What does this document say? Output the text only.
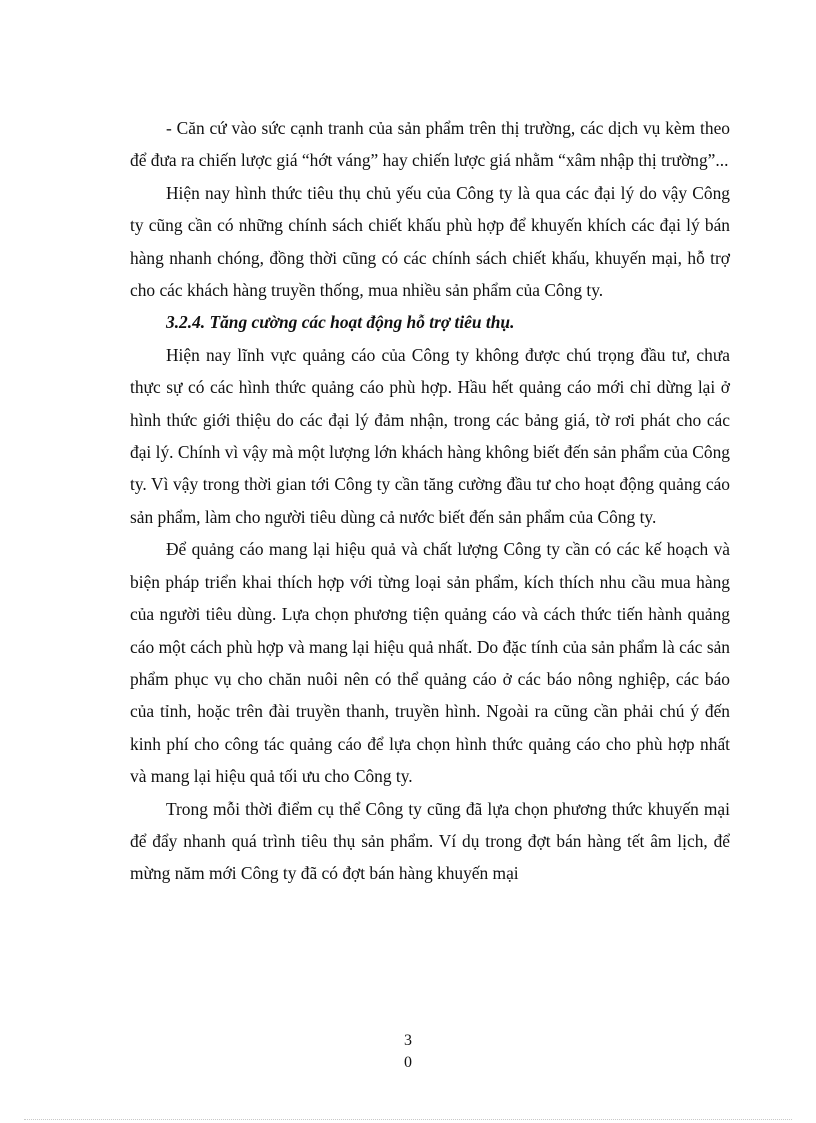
- Căn cứ vào sức cạnh tranh của sản phẩm trên thị trường, các dịch vụ kèm theo để đưa ra chiến lược giá “hớt váng” hay chiến lược giá nhằm “xâm nhập thị trường”...

Hiện nay hình thức tiêu thụ chủ yếu của Công ty là qua các đại lý do vậy Công ty cũng cần có những chính sách chiết khấu phù hợp để khuyến khích các đại lý bán hàng nhanh chóng, đồng thời cũng có các chính sách chiết khấu, khuyến mại, hỗ trợ cho các khách hàng truyền thống, mua nhiều sản phẩm của Công ty.

3.2.4. Tăng cường các hoạt động hỗ trợ tiêu thụ.

Hiện nay lĩnh vực quảng cáo của Công ty không được chú trọng đầu tư, chưa thực sự có các hình thức quảng cáo phù hợp. Hầu hết quảng cáo mới chỉ dừng lại ở hình thức giới thiệu do các đại lý đảm nhận, trong các bảng giá, tờ rơi phát cho các đại lý. Chính vì vậy mà một lượng lớn khách hàng không biết đến sản phẩm của Công ty. Vì vậy trong thời gian tới Công ty cần tăng cường đầu tư cho hoạt động quảng cáo sản phẩm, làm cho người tiêu dùng cả nước biết đến sản phẩm của Công ty.

Để quảng cáo mang lại hiệu quả và chất lượng Công ty cần có các kế hoạch và biện pháp triển khai thích hợp với từng loại sản phẩm, kích thích nhu cầu mua hàng của người tiêu dùng. Lựa chọn phương tiện quảng cáo và cách thức tiến hành quảng cáo một cách phù hợp và mang lại hiệu quả nhất. Do đặc tính của sản phẩm là các sản phẩm phục vụ cho chăn nuôi nên có thể quảng cáo ở các báo nông nghiệp, các báo của tỉnh, hoặc trên đài truyền thanh, truyền hình. Ngoài ra cũng cần phải chú ý đến kinh phí cho công tác quảng cáo để lựa chọn hình thức quảng cáo cho phù hợp nhất và mang lại hiệu quả tối ưu cho Công ty.

Trong mỗi thời điểm cụ thể Công ty cũng đã lựa chọn phương thức khuyến mại để đẩy nhanh quá trình tiêu thụ sản phẩm. Ví dụ trong đợt bán hàng tết âm lịch, để mừng năm mới Công ty đã có đợt bán hàng khuyến mại

3
0
